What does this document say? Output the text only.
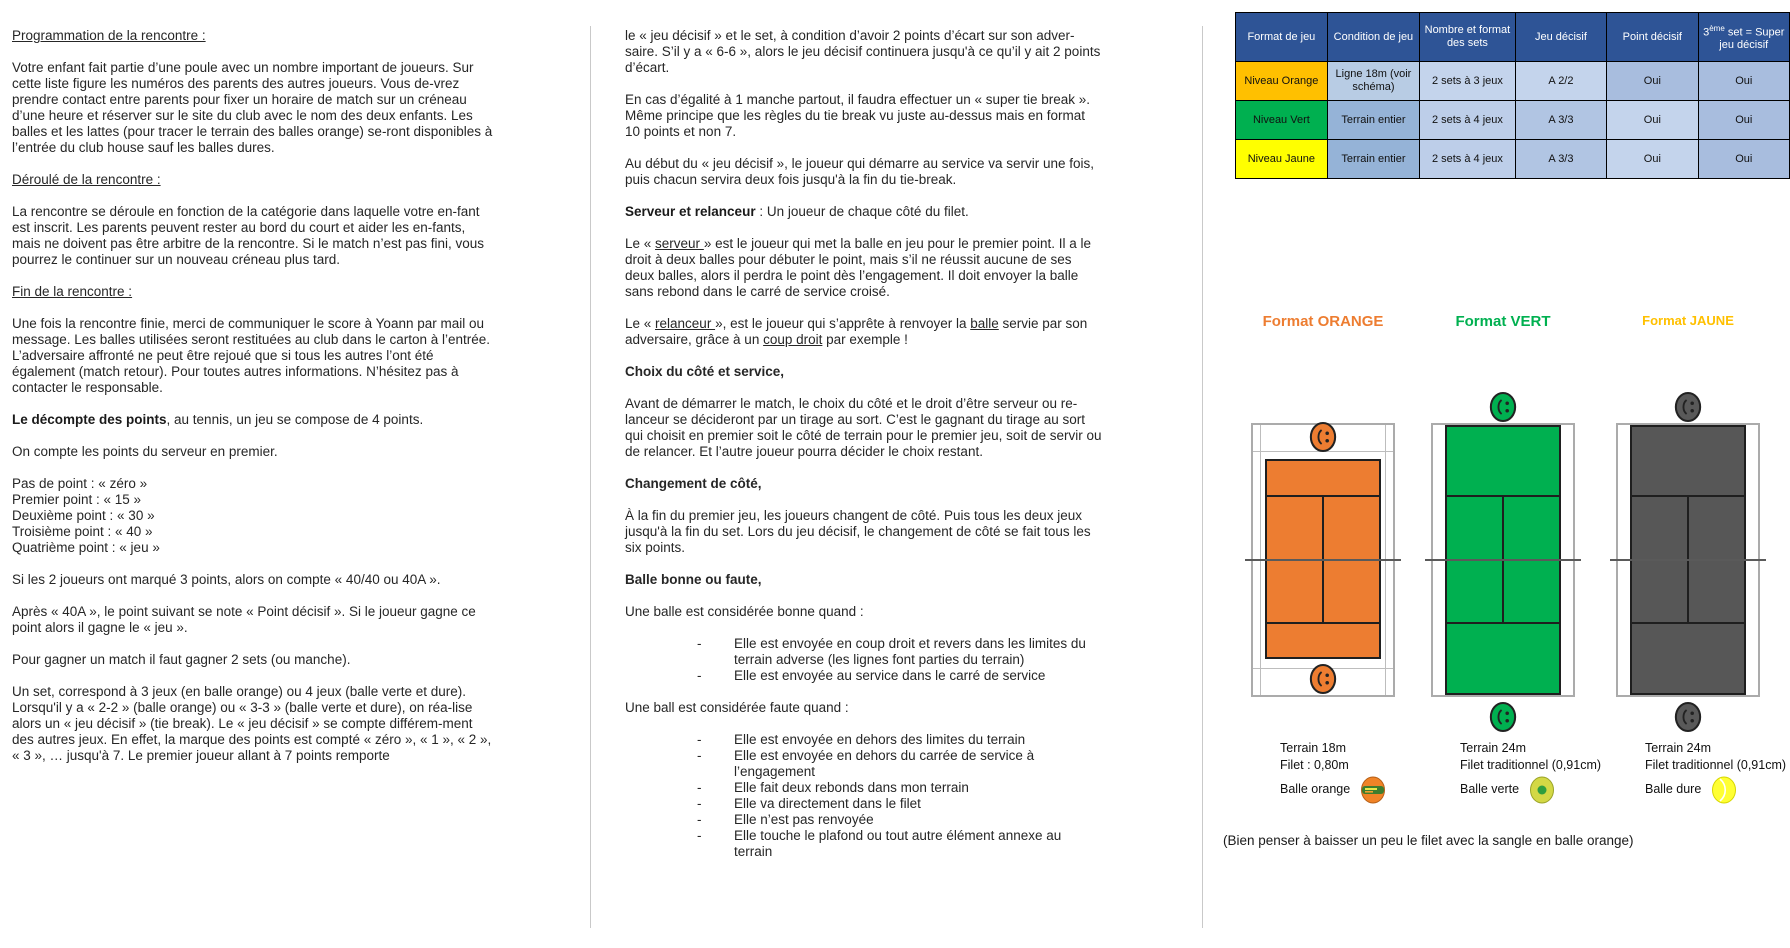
Programmation de la rencontre :

Votre enfant fait partie d’une poule avec un nombre important de joueurs. Sur cette liste figure les numéros des parents des autres joueurs. Vous de-vrez prendre contact entre parents pour fixer un horaire de match sur un créneau d’une heure et réserver sur le site du club avec le nom des deux enfants. Les balles et les lattes (pour tracer le terrain des balles orange) se-ront disponibles à l’entrée du club house sauf les balles dures.

Déroulé de la rencontre :

La rencontre se déroule en fonction de la catégorie dans laquelle votre en-fant est inscrit. Les parents peuvent rester au bord du court et aider les en-fants, mais ne doivent pas être arbitre de la rencontre. Si le match n’est pas fini, vous pourrez le continuer sur un nouveau créneau plus tard.

Fin de la rencontre :

Une fois la rencontre finie, merci de communiquer le score à Yoann par mail ou message. Les balles utilisées seront restituées au club dans le carton à l’entrée. L’adversaire affronté ne peut être rejoué que si tous les autres l’ont été également (match retour). Pour toutes autres informations. N’hésitez pas à contacter le responsable.

Le décompte des points, au tennis, un jeu se compose de 4 points.

On compte les points du serveur en premier.

Pas de point : « zéro »
Premier point : « 15 »
Deuxième point : « 30 »
Troisième point : « 40 »
Quatrième point : « jeu »

Si les 2 joueurs ont marqué 3 points, alors on compte « 40/40 ou 40A ».

Après « 40A », le point suivant se note « Point décisif ». Si le joueur gagne ce point alors il gagne le « jeu ».

Pour gagner un match il faut gagner 2 sets (ou manche).

Un set, correspond à 3 jeux (en balle orange) ou 4 jeux (balle verte et dure). Lorsqu'il y a « 2-2 » (balle orange) ou « 3-3 » (balle verte et dure), on réa-lise alors un « jeu décisif » (tie break). Le « jeu décisif » se compte différem-ment des autres jeux. En effet, la marque des points est compté « zéro », « 1 », « 2 », « 3 », … jusqu'à 7. Le premier joueur allant à 7 points remporte

le « jeu décisif » et le set, à condition d’avoir 2 points d’écart sur son adver-saire. S’il y a « 6-6 », alors le jeu décisif continuera jusqu'à ce qu’il y ait 2 points d’écart.

En cas d’égalité à 1 manche partout, il faudra effectuer un « super tie break ». Même principe que les règles du tie break vu juste au-dessus mais en format 10 points et non 7.

Au début du « jeu décisif », le joueur qui démarre au service va servir une fois, puis chacun servira deux fois jusqu'à la fin du tie-break.

Serveur et relanceur : Un joueur de chaque côté du filet.

Le « serveur » est le joueur qui met la balle en jeu pour le premier point. Il a le droit à deux balles pour débuter le point, mais s’il ne réussit aucune de ses deux balles, alors il perdra le point dès l’engagement. Il doit envoyer la balle sans rebond dans le carré de service croisé.

Le « relanceur », est le joueur qui s’apprête à renvoyer la balle servie par son adversaire, grâce à un coup droit par exemple !

Choix du côté et service,

Avant de démarrer le match, le choix du côté et le droit d’être serveur ou re-lanceur se décideront par un tirage au sort. C’est le gagnant du tirage au sort qui choisit en premier soit le côté de terrain pour le premier jeu, soit de servir ou de relancer. Et l’autre joueur pourra décider le choix restant.

Changement de côté,

À la fin du premier jeu, les joueurs changent de côté. Puis tous les deux jeux jusqu'à la fin du set. Lors du jeu décisif, le changement de côté se fait tous les six points.

Balle bonne ou faute,

Une balle est considérée bonne quand :

-	Elle est envoyée en coup droit et revers dans les limites du terrain adverse (les lignes font parties du terrain)
-	Elle est envoyée au service dans le carré de service

Une ball est considérée faute quand :

-	Elle est envoyée en dehors des limites du terrain
-	Elle est envoyée en dehors du carrée de service à l’engagement
-	Elle fait deux rebonds dans mon terrain
-	Elle va directement dans le filet
-	Elle n’est pas renvoyée
-	Elle touche le plafond ou tout autre élément annexe au terrain
Format de jeu	Condition de jeu	Nombre et format des sets	Jeu décisif	Point décisif	3ème set = Super jeu décisif
Niveau Orange	Ligne 18m (voir schéma)	2 sets à 3 jeux	A 2/2	Oui	Oui
Niveau Vert	Terrain entier	2 sets à 4 jeux	A 3/3	Oui	Oui
Niveau Jaune	Terrain entier	2 sets à 4 jeux	A 3/3	Oui	Oui
Format ORANGE
Terrain 18m
Filet : 0,80m
Balle orange
Format VERT
Terrain 24m
Filet traditionnel (0,91cm)
Balle verte
Format JAUNE
Terrain 24m
Filet traditionnel (0,91cm)
Balle dure
(Bien penser à baisser un peu le filet avec la sangle en balle orange)
